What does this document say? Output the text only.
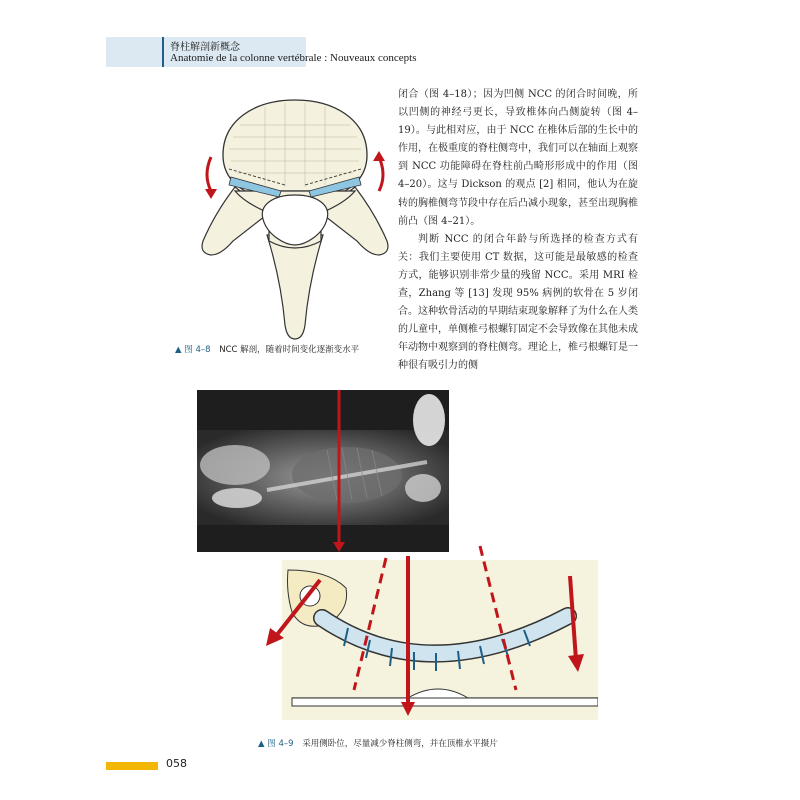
脊柱解剖新概念
Anatomie de la colonne vertébrale : Nouveaux concepts
▲ 图 4–8 NCC 解剖，随着时间变化逐渐变水平

闭合（图 4–18）；因为凹侧 NCC 的闭合时间晚，所以凹侧的神经弓更长，导致椎体向凸侧旋转（图 4–19）。与此相对应，由于 NCC 在椎体后部的生长中的作用，在极重度的脊柱侧弯中，我们可以在轴面上观察到 NCC 功能障碍在脊柱前凸畸形形成中的作用（图 4–20）。这与 Dickson 的观点 [2] 相同，他认为在旋转的胸椎侧弯节段中存在后凸减小现象，甚至出现胸椎前凸（图 4–21）。

判断 NCC 的闭合年龄与所选择的检查方式有关：我们主要使用 CT 数据，这可能是最敏感的检查方式，能够识别非常少量的残留 NCC。采用 MRI 检查，Zhang 等 [13] 发现 95% 病例的软骨在 5 岁闭合。这种软骨活动的早期结束现象解释了为什么在人类的儿童中，单侧椎弓根螺钉固定不会导致像在其他未成年动物中观察到的脊柱侧弯。理论上，椎弓根螺钉是一种很有吸引力的侧

▲ 图 4–9 采用侧卧位，尽量减少脊柱侧弯，并在顶椎水平摄片
058
